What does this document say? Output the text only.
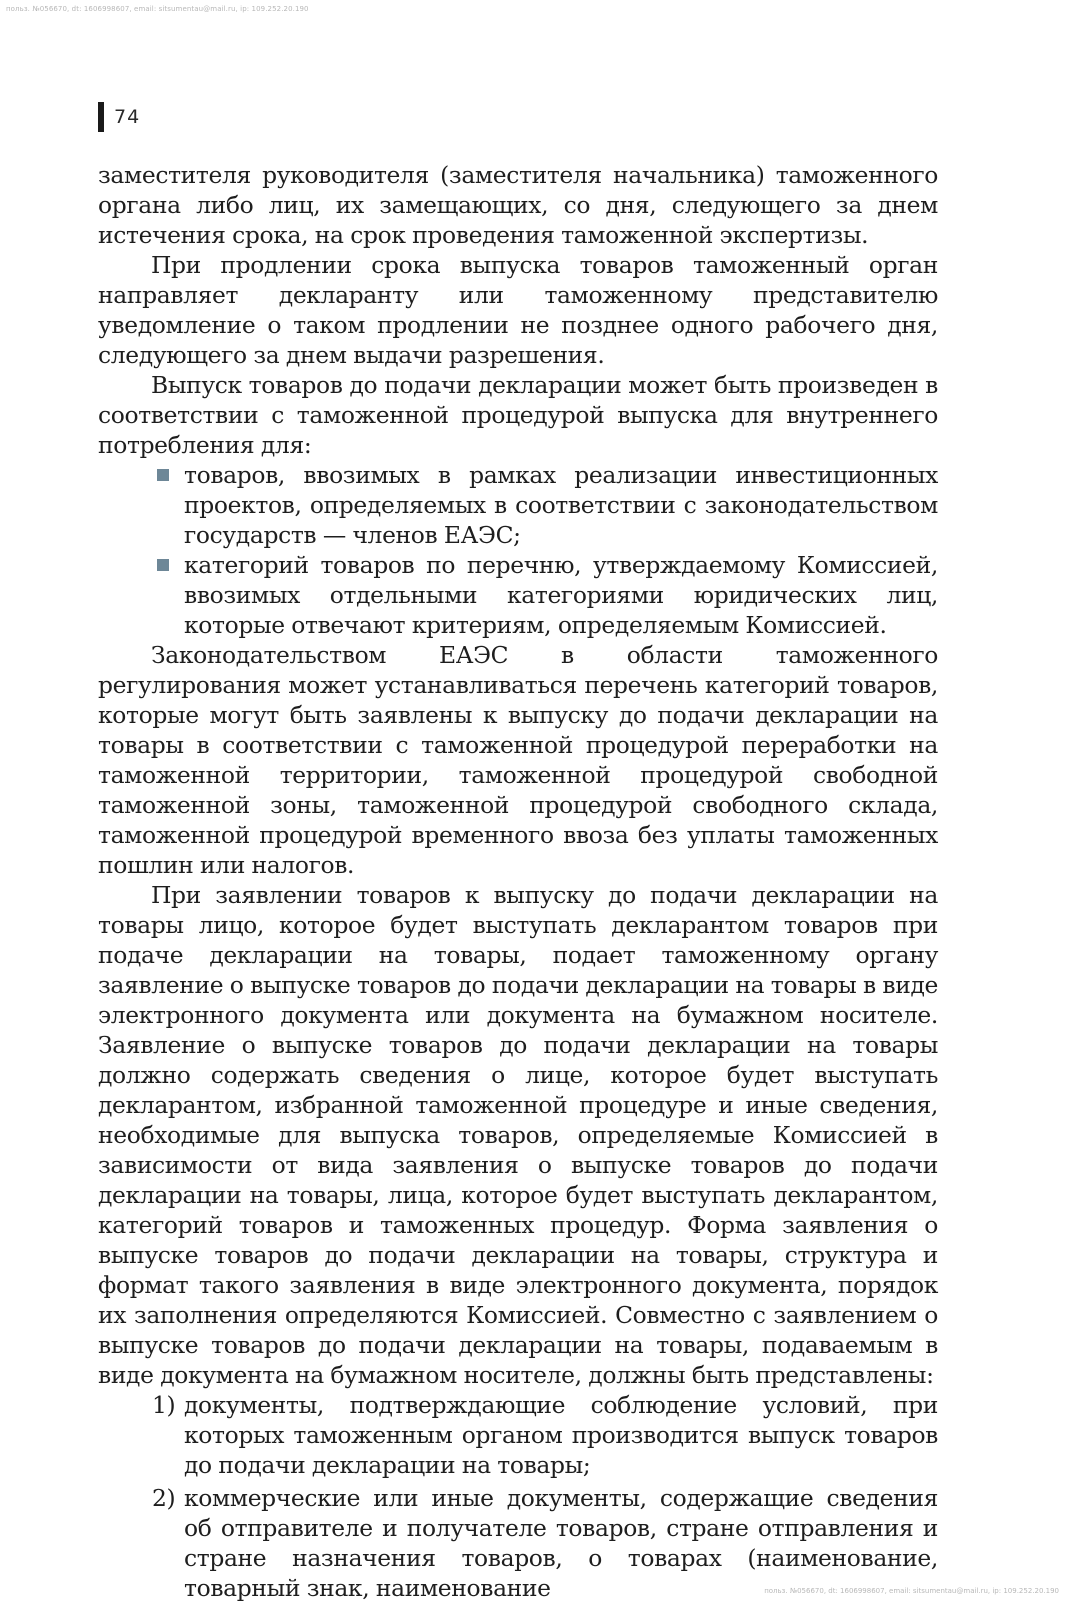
польз. №056670, dt: 1606998607, email: sitsumentau@mail.ru, ip: 109.252.20.190
74

заместителя руководителя (заместителя начальника) таможенного органа либо лиц, их замещающих, со дня, следующего за днем истечения срока, на срок проведения таможенной экспертизы.

При продлении срока выпуска товаров таможенный орган направляет декларанту или таможенному представителю уведомление о таком продлении не позднее одного рабочего дня, следующего за днем выдачи разрешения.

Выпуск товаров до подачи декларации может быть произведен в соответствии с таможенной процедурой выпуска для внутреннего потребления для:

товаров, ввозимых в рамках реализации инвестиционных проектов, определяемых в соответствии с законодательством государств — членов ЕАЭС;
категорий товаров по перечню, утверждаемому Комиссией, ввозимых отдельными категориями юридических лиц, которые отвечают критериям, определяемым Комиссией.

Законодательством ЕАЭС в области таможенного регулирования может устанавливаться перечень категорий товаров, которые могут быть заявлены к выпуску до подачи декларации на товары в соответствии с таможенной процедурой переработки на таможенной территории, таможенной процедурой свободной таможенной зоны, таможенной процедурой свободного склада, таможенной процедурой временного ввоза без уплаты таможенных пошлин или налогов.

При заявлении товаров к выпуску до подачи декларации на товары лицо, которое будет выступать декларантом товаров при подаче декларации на товары, подает таможенному органу заявление о выпуске товаров до подачи декларации на товары в виде электронного документа или документа на бумажном носителе. Заявление о выпуске товаров до подачи декларации на товары должно содержать сведения о лице, которое будет выступать декларантом, избранной таможенной процедуре и иные сведения, необходимые для выпуска товаров, определяемые Комиссией в зависимости от вида заявления о выпуске товаров до подачи декларации на товары, лица, которое будет выступать декларантом, категорий товаров и таможенных процедур. Форма заявления о выпуске товаров до подачи декларации на товары, структура и формат такого заявления в виде электронного документа, порядок их заполнения определяются Комиссией. Совместно с заявлением о выпуске товаров до подачи декларации на товары, подаваемым в виде документа на бумажном носителе, должны быть представлены:

1) документы, подтверждающие соблюдение условий, при которых таможенным органом производится выпуск товаров до подачи декларации на товары;
2) коммерческие или иные документы, содержащие сведения об отправителе и получателе товаров, стране отправления и стране назначения товаров, о товарах (наименование, товарный знак, наименование	польз. №056670, dt: 1606998607, email: sitsumentau@mail.ru, ip: 109.252.20.190
